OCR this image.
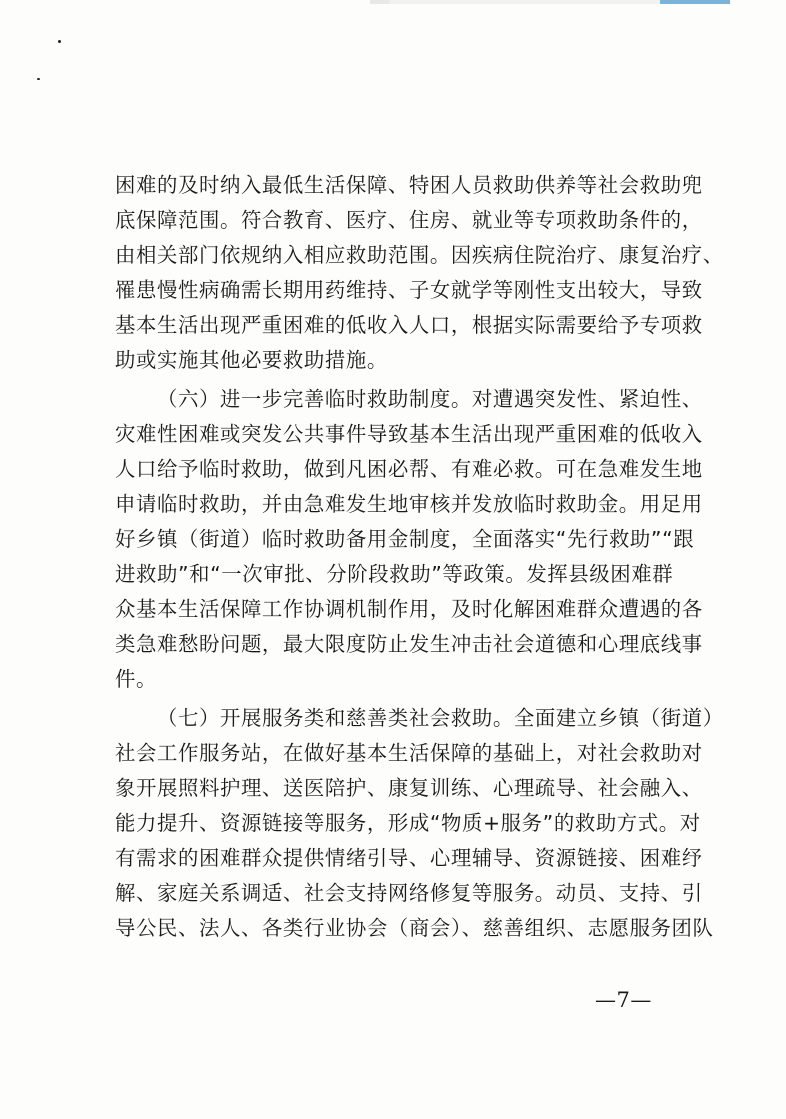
困难的及时纳入最低生活保障、特困人员救助供养等社会救助兜
底保障范围。符合教育、医疗、住房、就业等专项救助条件的，
由相关部门依规纳入相应救助范围。因疾病住院治疗、康复治疗、
罹患慢性病确需长期用药维持、子女就学等刚性支出较大，导致
基本生活出现严重困难的低收入人口，根据实际需要给予专项救
助或实施其他必要救助措施。
（六）进一步完善临时救助制度。对遭遇突发性、紧迫性、
灾难性困难或突发公共事件导致基本生活出现严重困难的低收入
人口给予临时救助，做到凡困必帮、有难必救。可在急难发生地
申请临时救助，并由急难发生地审核并发放临时救助金。用足用
好乡镇（街道）临时救助备用金制度，全面落实“先行救助”“跟
进救助”和“一次审批、分阶段救助”等政策。发挥县级困难群
众基本生活保障工作协调机制作用，及时化解困难群众遭遇的各
类急难愁盼问题，最大限度防止发生冲击社会道德和心理底线事
件。
（七）开展服务类和慈善类社会救助。全面建立乡镇（街道）
社会工作服务站，在做好基本生活保障的基础上，对社会救助对
象开展照料护理、送医陪护、康复训练、心理疏导、社会融入、
能力提升、资源链接等服务，形成“物质+服务”的救助方式。对
有需求的困难群众提供情绪引导、心理辅导、资源链接、困难纾
解、家庭关系调适、社会支持网络修复等服务。动员、支持、引
导公民、法人、各类行业协会（商会）、慈善组织、志愿服务团队
—7—
